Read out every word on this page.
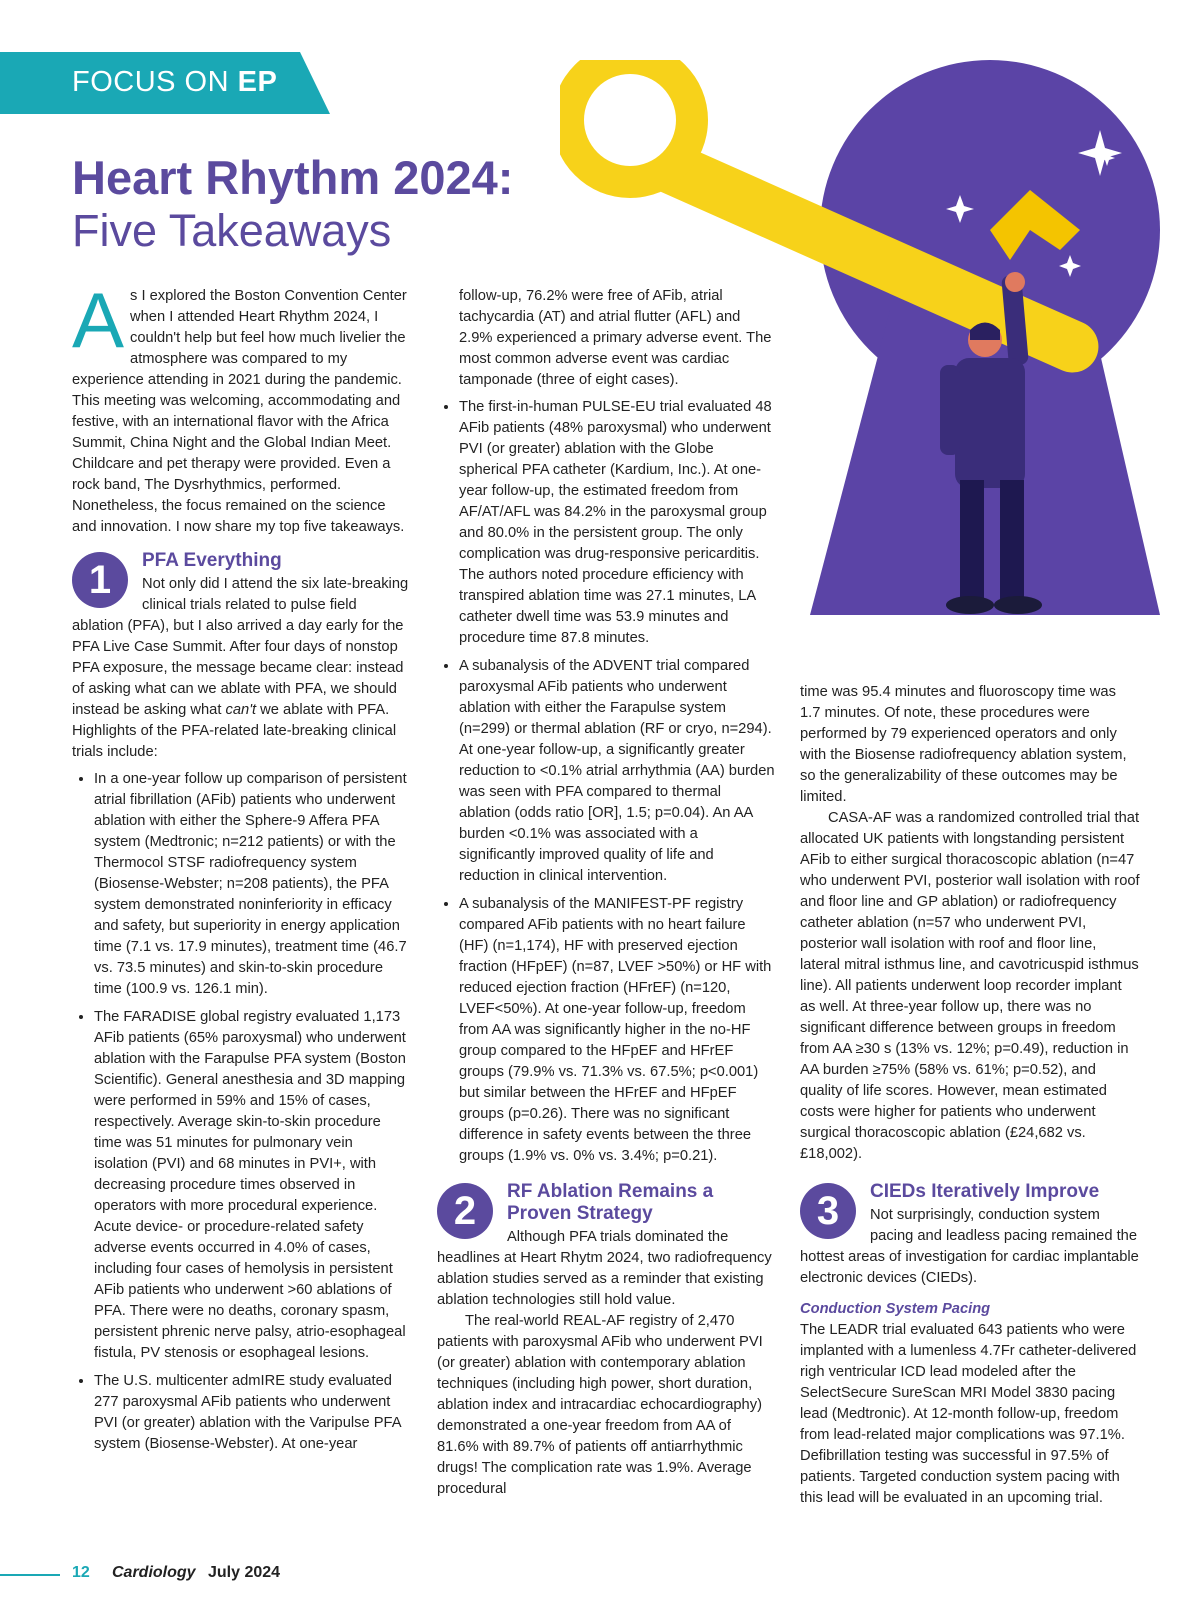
FOCUS ON EP
Heart Rhythm 2024:
Five Takeaways

As I explored the Boston Convention Center when I attended Heart Rhythm 2024, I couldn't help but feel how much livelier the atmosphere was compared to my experience attending in 2021 during the pandemic. This meeting was welcoming, accommodating and festive, with an international flavor with the Africa Summit, China Night and the Global Indian Meet. Childcare and pet therapy were provided. Even a rock band, The Dysrhythmics, performed. Nonetheless, the focus remained on the science and innovation. I now share my top five takeaways.

1	PFA Everything

Not only did I attend the six late-breaking clinical trials related to pulse field ablation (PFA), but I also arrived a day early for the PFA Live Case Summit. After four days of nonstop PFA exposure, the message became clear: instead of asking what can we ablate with PFA, we should instead be asking what can't we ablate with PFA. Highlights of the PFA-related late-breaking clinical trials include:

• In a one-year follow up comparison of persistent atrial fibrillation (AFib) patients who underwent ablation with either the Sphere-9 Affera PFA system (Medtronic; n=212 patients) or with the Thermocol STSF radiofrequency system (Biosense-Webster; n=208 patients), the PFA system demonstrated noninferiority in efficacy and safety, but superiority in energy application time (7.1 vs. 17.9 minutes), treatment time (46.7 vs. 73.5 minutes) and skin-to-skin procedure time (100.9 vs. 126.1 min).
• The FARADISE global registry evaluated 1,173 AFib patients (65% paroxysmal) who underwent ablation with the Farapulse PFA system (Boston Scientific). General anesthesia and 3D mapping were performed in 59% and 15% of cases, respectively. Average skin-to-skin procedure time was 51 minutes for pulmonary vein isolation (PVI) and 68 minutes in PVI+, with decreasing procedure times observed in operators with more procedural experience. Acute device- or procedure-related safety adverse events occurred in 4.0% of cases, including four cases of hemolysis in persistent AFib patients who underwent >60 ablations of PFA. There were no deaths, coronary spasm, persistent phrenic nerve palsy, atrio-esophageal fistula, PV stenosis or esophageal lesions.
• The U.S. multicenter admIRE study evaluated 277 paroxysmal AFib patients who underwent PVI (or greater) ablation with the Varipulse PFA system (Biosense-Webster). At one-year

follow-up, 76.2% were free of AFib, atrial tachycardia (AT) and atrial flutter (AFL) and 2.9% experienced a primary adverse event. The most common adverse event was cardiac tamponade (three of eight cases).

• The first-in-human PULSE-EU trial evaluated 48 AFib patients (48% paroxysmal) who underwent PVI (or greater) ablation with the Globe spherical PFA catheter (Kardium, Inc.). At one-year follow-up, the estimated freedom from AF/AT/AFL was 84.2% in the paroxysmal group and 80.0% in the persistent group. The only complication was drug-responsive pericarditis. The authors noted procedure efficiency with transpired ablation time was 27.1 minutes, LA catheter dwell time was 53.9 minutes and procedure time 87.8 minutes.
• A subanalysis of the ADVENT trial compared paroxysmal AFib patients who underwent ablation with either the Farapulse system (n=299) or thermal ablation (RF or cryo, n=294). At one-year follow-up, a significantly greater reduction to <0.1% atrial arrhythmia (AA) burden was seen with PFA compared to thermal ablation (odds ratio [OR], 1.5; p=0.04). An AA burden <0.1% was associated with a significantly improved quality of life and reduction in clinical intervention.
• A subanalysis of the MANIFEST-PF registry compared AFib patients with no heart failure (HF) (n=1,174), HF with preserved ejection fraction (HFpEF) (n=87, LVEF >50%) or HF with reduced ejection fraction (HFrEF) (n=120, LVEF<50%). At one-year follow-up, freedom from AA was significantly higher in the no-HF group compared to the HFpEF and HFrEF groups (79.9% vs. 71.3% vs. 67.5%; p<0.001) but similar between the HFrEF and HFpEF groups (p=0.26). There was no significant difference in safety events between the three groups (1.9% vs. 0% vs. 3.4%; p=0.21).
2	RF Ablation Remains a Proven Strategy

Although PFA trials dominated the headlines at Heart Rhytm 2024, two radiofrequency ablation studies served as a reminder that existing ablation technologies still hold value.

The real-world REAL-AF registry of 2,470 patients with paroxysmal AFib who underwent PVI (or greater) ablation with contemporary ablation techniques (including high power, short duration, ablation index and intracardiac echocardiography) demonstrated a one-year freedom from AA of 81.6% with 89.7% of patients off antiarrhythmic drugs! The complication rate was 1.9%. Average procedural

time was 95.4 minutes and fluoroscopy time was 1.7 minutes. Of note, these procedures were performed by 79 experienced operators and only with the Biosense radiofrequency ablation system, so the generalizability of these outcomes may be limited.

CASA-AF was a randomized controlled trial that allocated UK patients with longstanding persistent AFib to either surgical thoracoscopic ablation (n=47 who underwent PVI, posterior wall isolation with roof and floor line and GP ablation) or radiofrequency catheter ablation (n=57 who underwent PVI, posterior wall isolation with roof and floor line, lateral mitral isthmus line, and cavotricuspid isthmus line). All patients underwent loop recorder implant as well. At three-year follow up, there was no significant difference between groups in freedom from AA ≥30 s (13% vs. 12%; p=0.49), reduction in AA burden ≥75% (58% vs. 61%; p=0.52), and quality of life scores. However, mean estimated costs were higher for patients who underwent surgical thoracoscopic ablation (£24,682 vs. £18,002).

3	CIEDs Iteratively Improve

Not surprisingly, conduction system pacing and leadless pacing remained the hottest areas of investigation for cardiac implantable electronic devices (CIEDs).

Conduction System Pacing

The LEADR trial evaluated 643 patients who were implanted with a lumenless 4.7Fr catheter-delivered righ ventricular ICD lead modeled after the SelectSecure SureScan MRI Model 3830 pacing lead (Medtronic). At 12-month follow-up, freedom from lead-related major complications was 97.1%. Defibrillation testing was successful in 97.5% of patients. Targeted conduction system pacing with this lead will be evaluated in an upcoming trial.

12 Cardiology July 2024
